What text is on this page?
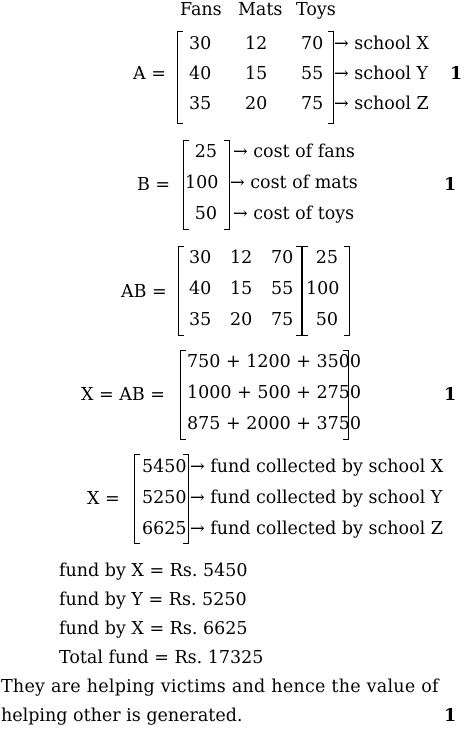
Fans Mats Toys
A =
30 12 70
40 15 55
35 20 75
→ school X
→ school Y
→ school Z
1
B =
25
100
50
→ cost of fans
→ cost of mats
→ cost of toys
1
AB =
30 12 70
40 15 55
35 20 75
25
100
50
X = AB =
750 + 1200 + 3500
1000 + 500 + 2750
875 + 2000 + 3750
1
X =
5450
5250
6625
→ fund collected by school X
→ fund collected by school Y
→ fund collected by school Z
fund by X = Rs. 5450
fund by Y = Rs. 5250
fund by X = Rs. 6625
Total fund = Rs. 17325
They are helping victims and hence the value of
helping other is generated.	1
